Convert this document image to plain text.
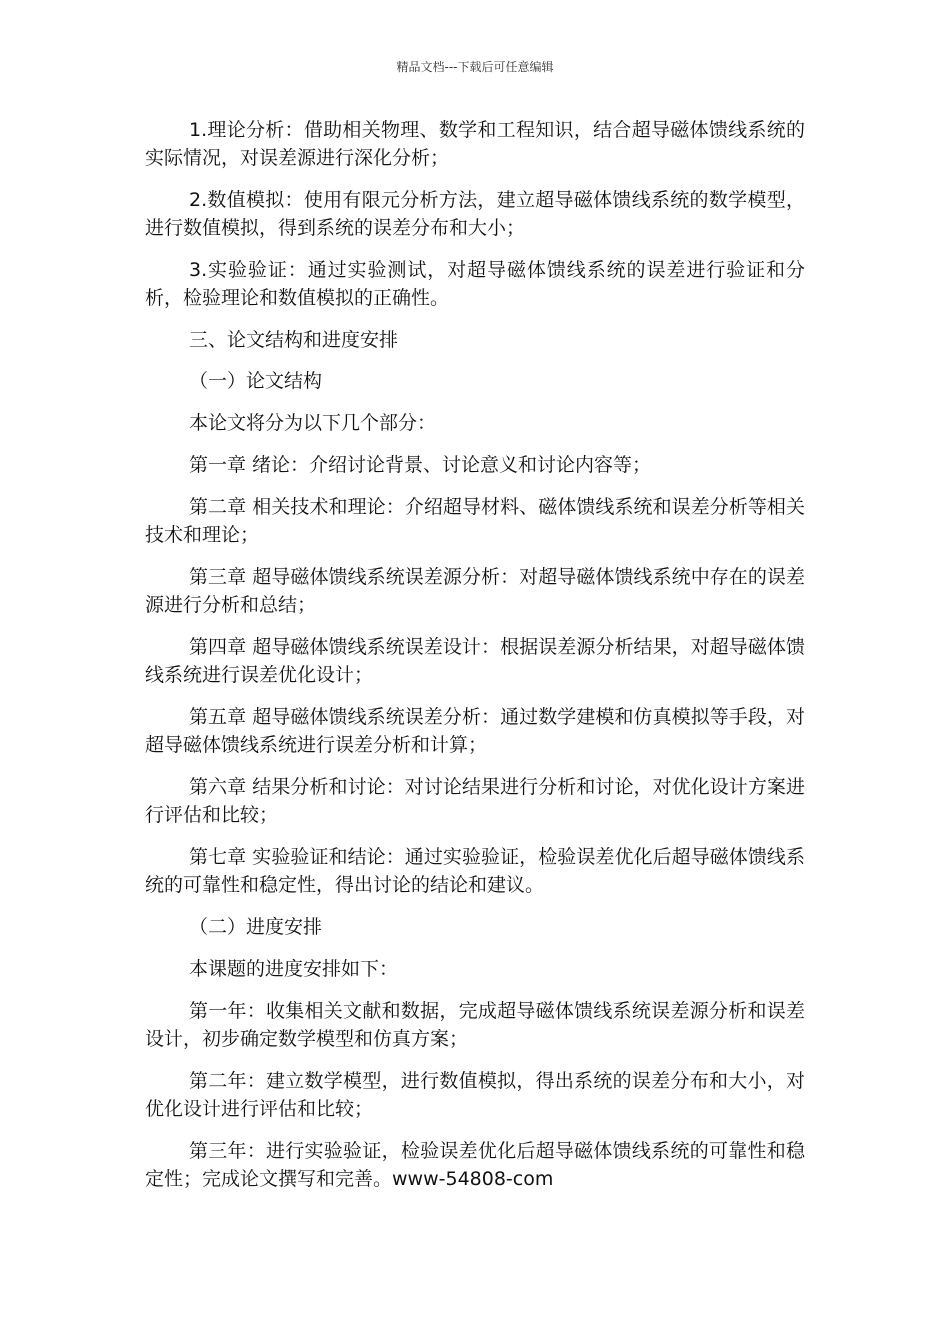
精品文档---下载后可任意编辑

1.理论分析：借助相关物理、数学和工程知识，结合超导磁体馈线系统的实际情况，对误差源进行深化分析；

2.数值模拟：使用有限元分析方法，建立超导磁体馈线系统的数学模型，进行数值模拟，得到系统的误差分布和大小；

3.实验验证：通过实验测试，对超导磁体馈线系统的误差进行验证和分析，检验理论和数值模拟的正确性。

三、论文结构和进度安排

（一）论文结构

本论文将分为以下几个部分：

第一章 绪论：介绍讨论背景、讨论意义和讨论内容等；

第二章 相关技术和理论：介绍超导材料、磁体馈线系统和误差分析等相关技术和理论；

第三章 超导磁体馈线系统误差源分析：对超导磁体馈线系统中存在的误差源进行分析和总结；

第四章 超导磁体馈线系统误差设计：根据误差源分析结果，对超导磁体馈线系统进行误差优化设计；

第五章 超导磁体馈线系统误差分析：通过数学建模和仿真模拟等手段，对超导磁体馈线系统进行误差分析和计算；

第六章 结果分析和讨论：对讨论结果进行分析和讨论，对优化设计方案进行评估和比较；

第七章 实验验证和结论：通过实验验证，检验误差优化后超导磁体馈线系统的可靠性和稳定性，得出讨论的结论和建议。

（二）进度安排

本课题的进度安排如下：

第一年：收集相关文献和数据，完成超导磁体馈线系统误差源分析和误差设计，初步确定数学模型和仿真方案；

第二年：建立数学模型，进行数值模拟，得出系统的误差分布和大小，对优化设计进行评估和比较；

第三年：进行实验验证，检验误差优化后超导磁体馈线系统的可靠性和稳定性；完成论文撰写和完善。www-54808-com
